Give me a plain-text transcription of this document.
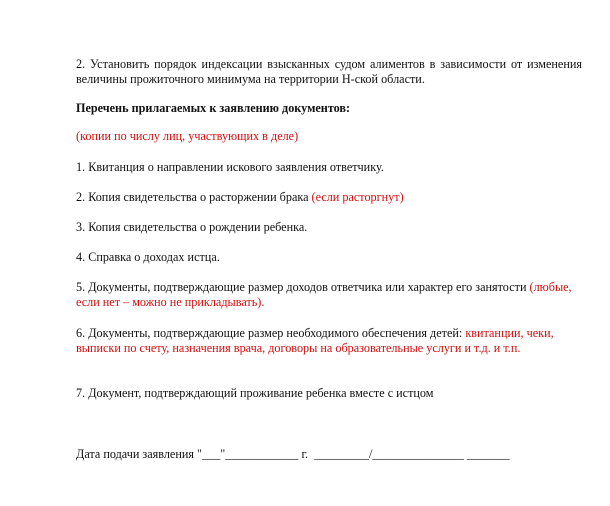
2. Установить порядок индексации взысканных судом алиментов в зависимости от изменения величины прожиточного минимума на территории Н-ской области.

Перечень прилагаемых к заявлению документов:

(копии по числу лиц, участвующих в деле)

1. Квитанция о направлении искового заявления ответчику.

2. Копия свидетельства о расторжении брака (если расторгнут)

3. Копия свидетельства о рождении ребенка.

4. Справка о доходах истца.

5. Документы, подтверждающие размер доходов ответчика или характер его занятости (любые, если нет – можно не прикладывать).

6. Документы, подтверждающие размер необходимого обеспечения детей: квитанции, чеки, выписки по счету, назначения врача, договоры на образовательные услуги и т.д. и т.п.

7. Документ, подтверждающий проживание ребенка вместе с истцом

Дата подачи заявления "___"____________ г.  _________/_______________ _______
